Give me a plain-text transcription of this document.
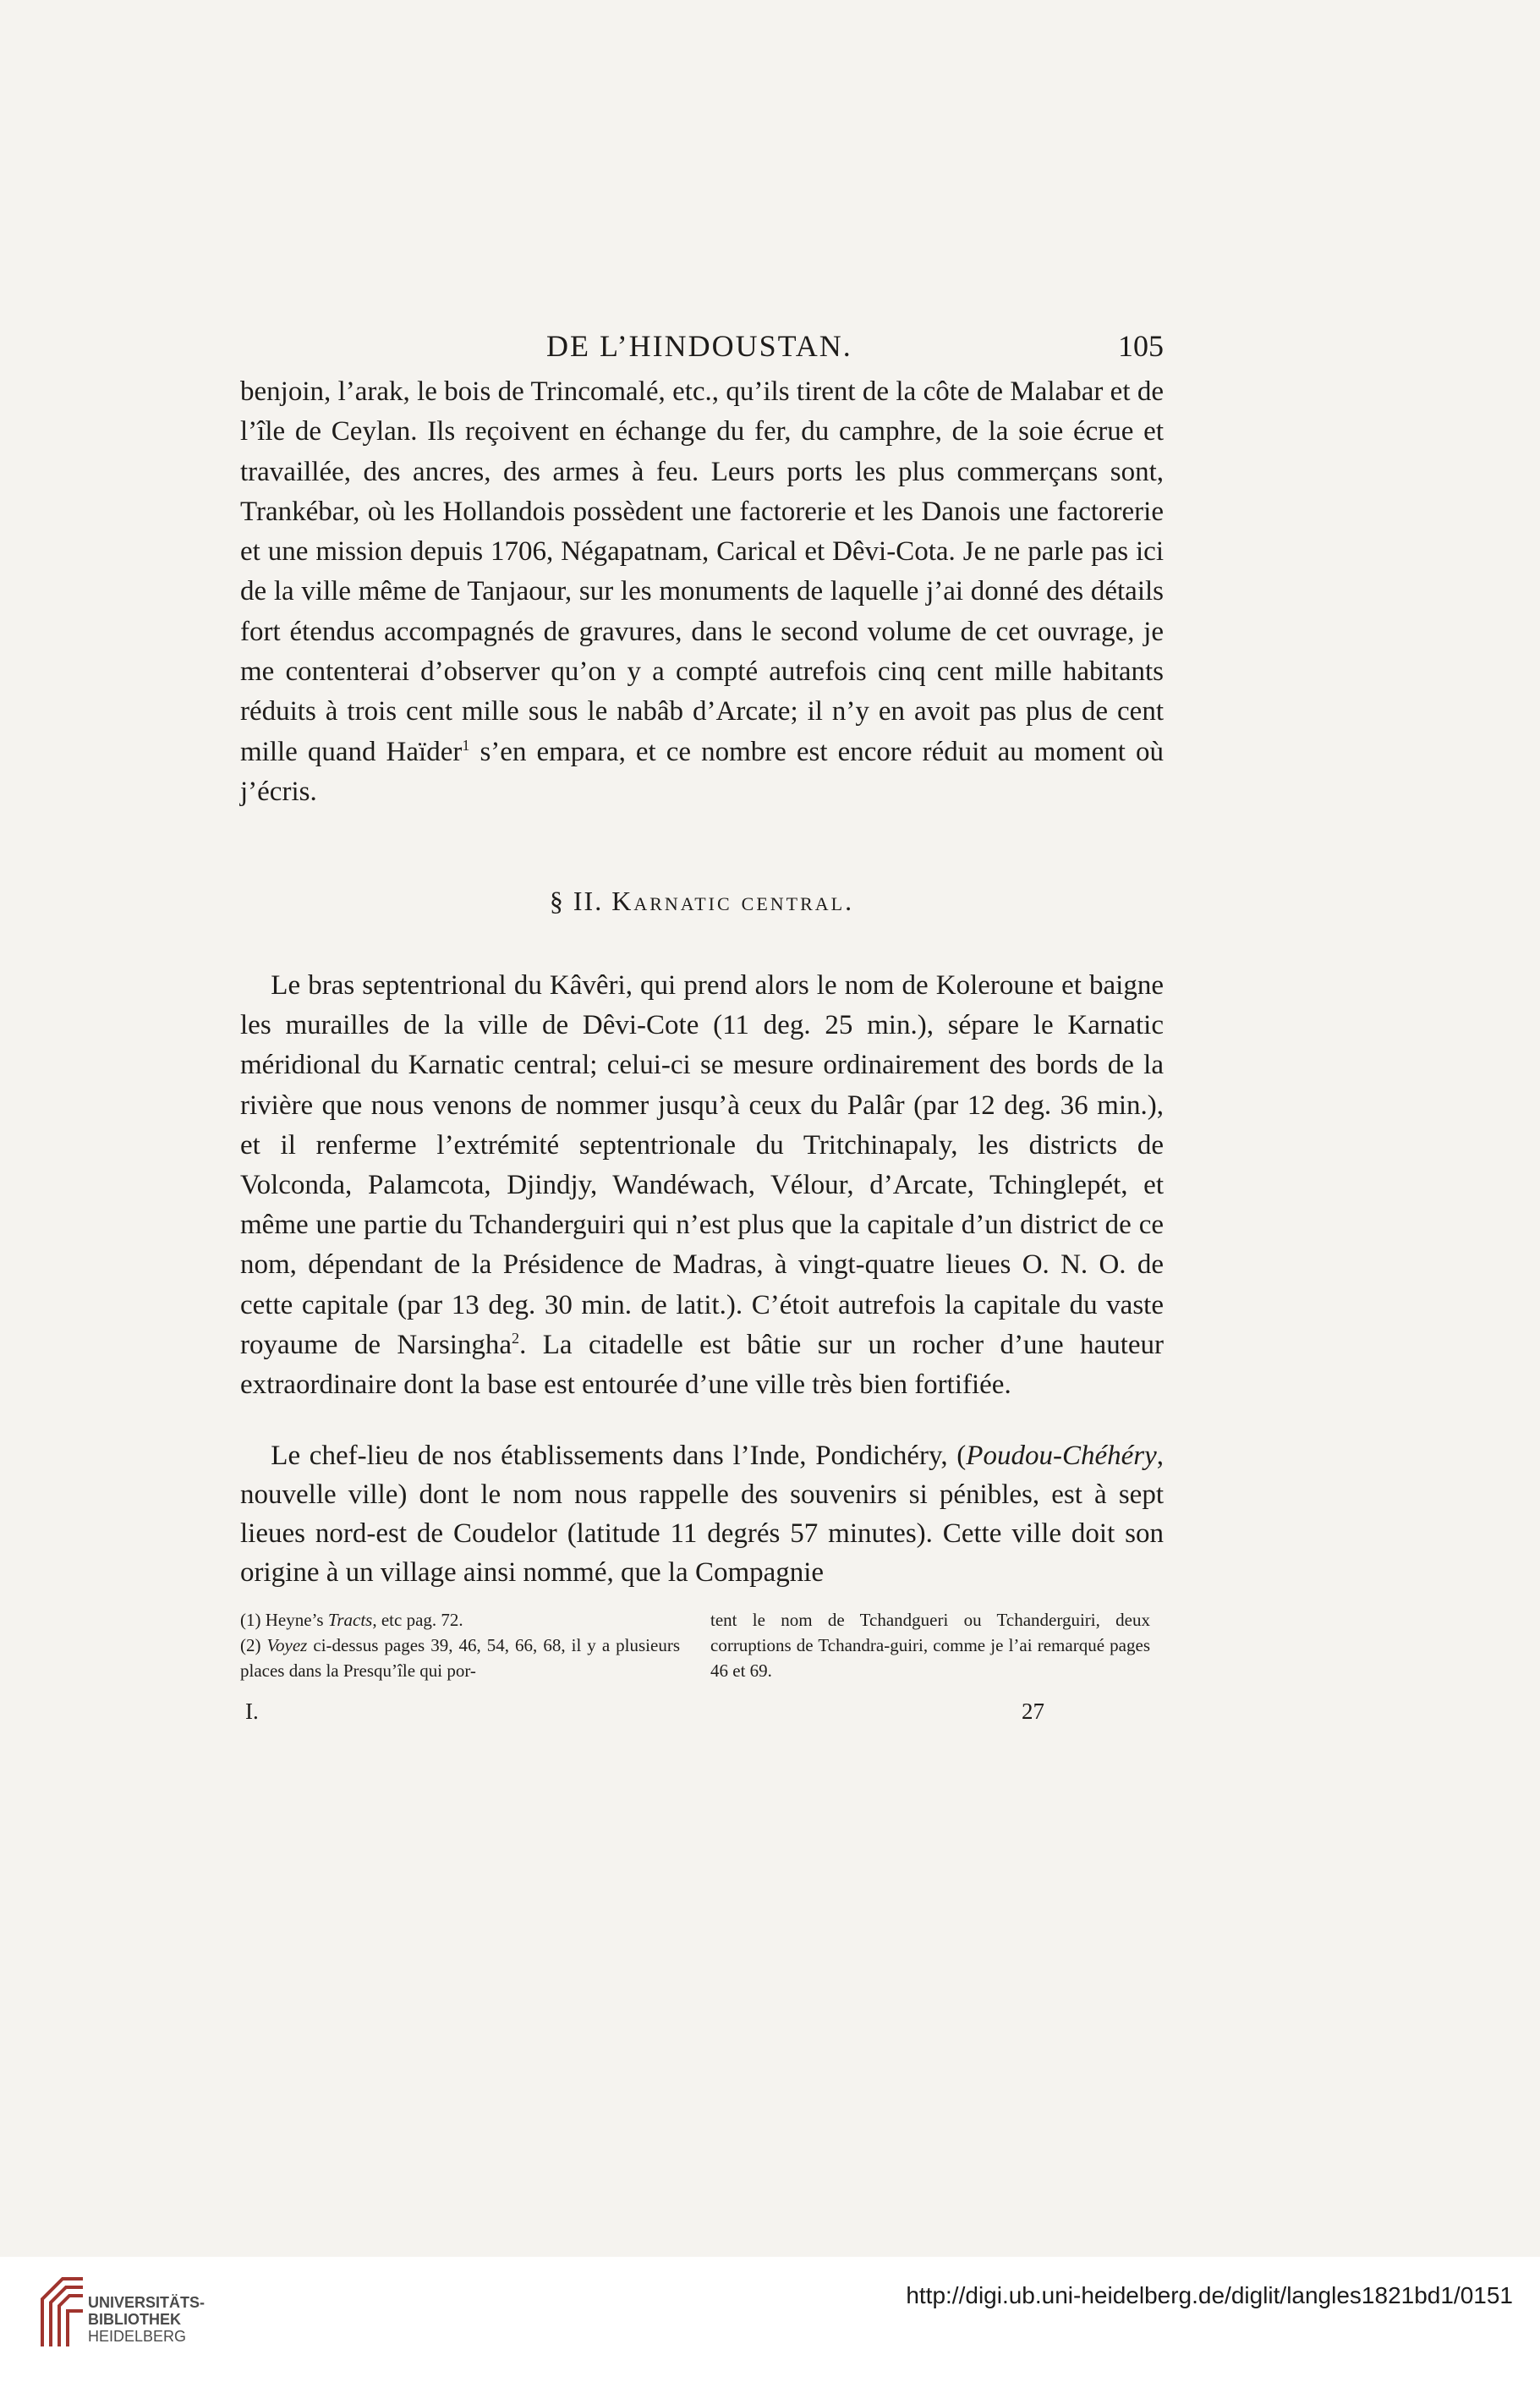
DE L’HINDOUSTAN.	105

benjoin, l’arak, le bois de Trincomalé, etc., qu’ils tirent de la côte de Malabar et de l’île de Ceylan. Ils reçoivent en échange du fer, du camphre, de la soie écrue et travaillée, des ancres, des armes à feu. Leurs ports les plus commerçans sont, Trankébar, où les Hollandois possèdent une factorerie et les Danois une factorerie et une mission depuis 1706, Négapatnam, Carical et Dêvi-Cota. Je ne parle pas ici de la ville même de Tanjaour, sur les monuments de laquelle j’ai donné des détails fort étendus accompagnés de gravures, dans le second volume de cet ouvrage, je me contenterai d’observer qu’on y a compté autrefois cinq cent mille habitants réduits à trois cent mille sous le nabâb d’Arcate; il n’y en avoit pas plus de cent mille quand Haïder$^1$ s’en empara, et ce nombre est encore réduit au moment où j’écris.

§ II. Karnatic central.

Le bras septentrional du Kâvêri, qui prend alors le nom de Koleroune et baigne les murailles de la ville de Dêvi-Cote (11 deg. 25 min.), sépare le Karnatic méridional du Karnatic central; celui-ci se mesure ordinairement des bords de la rivière que nous venons de nommer jusqu’à ceux du Palâr (par 12 deg. 36 min.), et il renferme l’extrémité septentrionale du Tritchinapaly, les districts de Volconda, Palamcota, Djindjy, Wandéwach, Vélour, d’Arcate, Tchinglepét, et même une partie du Tchanderguiri qui n’est plus que la capitale d’un district de ce nom, dépendant de la Présidence de Madras, à vingt-quatre lieues O. N. O. de cette capitale (par 13 deg. 30 min. de latit.). C’étoit autrefois la capitale du vaste royaume de Narsingha$^2$. La citadelle est bâtie sur un rocher d’une hauteur extraordinaire dont la base est entourée d’une ville très bien fortifiée.

Le chef-lieu de nos établissements dans l’Inde, Pondichéry, (Poudou-Chéhéry, nouvelle ville) dont le nom nous rappelle des souvenirs si pénibles, est à sept lieues nord-est de Coudelor (latitude 11 degrés 57 minutes). Cette ville doit son origine à un village ainsi nommé, que la Compagnie

(1) Heyne’s Tracts, etc pag. 72.

(2) Voyez ci-dessus pages 39, 46, 54, 66, 68, il y a plusieurs places dans la Presqu’île qui por-

tent le nom de Tchandgueri ou Tchanderguiri, deux corruptions de Tchandra-guiri, comme je l’ai remarqué pages 46 et 69.

I.	27
UNIVERSITÄTS-
BIBLIOTHEK
HEIDELBERG
http://digi.ub.uni-heidelberg.de/diglit/langles1821bd1/0151
